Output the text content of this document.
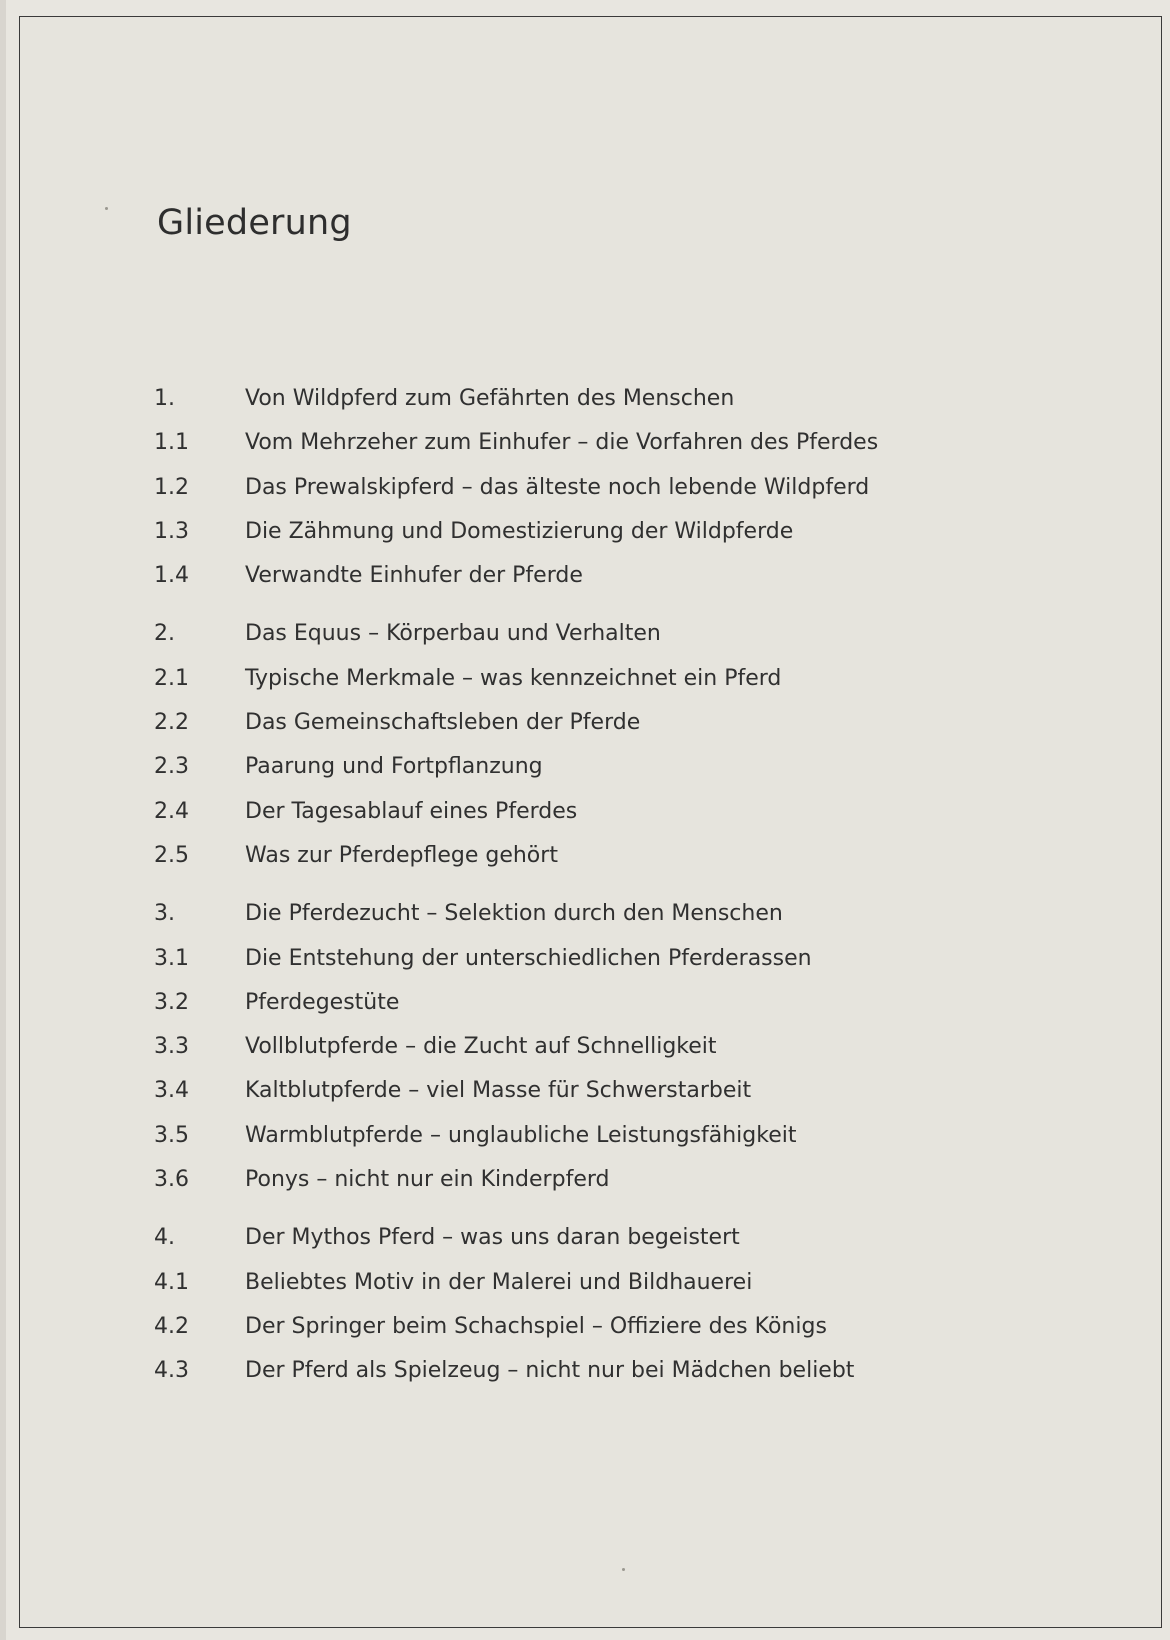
Gliederung
1.	Von Wildpferd zum Gefährten des Menschen
1.1	Vom Mehrzeher zum Einhufer – die Vorfahren des Pferdes
1.2	Das Prewalskipferd – das älteste noch lebende Wildpferd
1.3	Die Zähmung und Domestizierung der Wildpferde
1.4	Verwandte Einhufer der Pferde
2.	Das Equus – Körperbau und Verhalten
2.1	Typische Merkmale – was kennzeichnet ein Pferd
2.2	Das Gemeinschaftsleben der Pferde
2.3	Paarung und Fortpflanzung
2.4	Der Tagesablauf eines Pferdes
2.5	Was zur Pferdepflege gehört
3.	Die Pferdezucht – Selektion durch den Menschen
3.1	Die Entstehung der unterschiedlichen Pferderassen
3.2	Pferdegestüte
3.3	Vollblutpferde – die Zucht auf Schnelligkeit
3.4	Kaltblutpferde – viel Masse für Schwerstarbeit
3.5	Warmblutpferde – unglaubliche Leistungsfähigkeit
3.6	Ponys – nicht nur ein Kinderpferd
4.	Der Mythos Pferd – was uns daran begeistert
4.1	Beliebtes Motiv in der Malerei und Bildhauerei
4.2	Der Springer beim Schachspiel – Offiziere des Königs
4.3	Der Pferd als Spielzeug – nicht nur bei Mädchen beliebt
